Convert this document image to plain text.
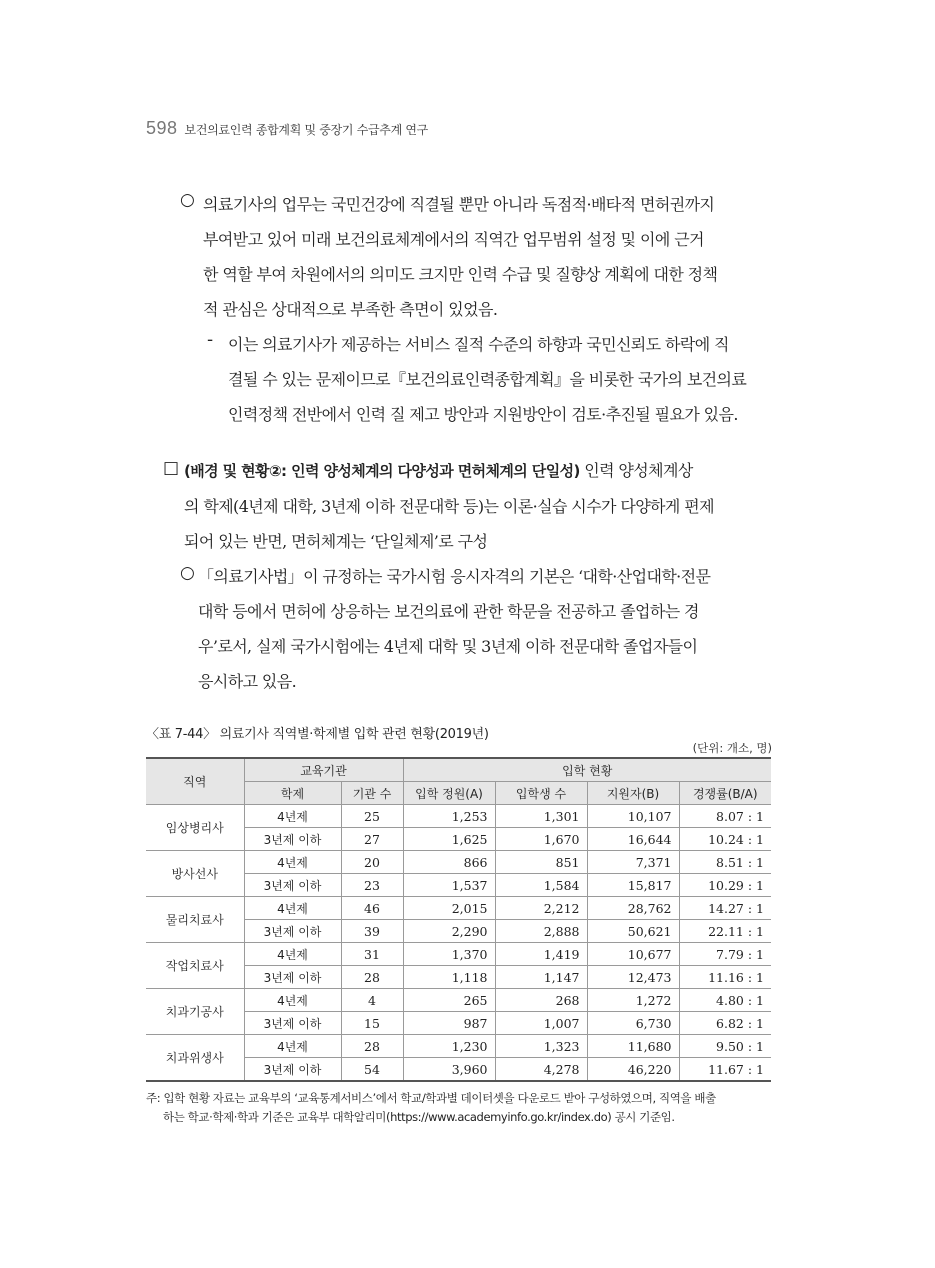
598 보건의료인력 종합계획 및 중장기 수급추계 연구
○ 의료기사의 업무는 국민건강에 직결될 뿐만 아니라 독점적·배타적 면허권까지
부여받고 있어 미래 보건의료체계에서의 직역간 업무범위 설정 및 이에 근거
한 역할 부여 차원에서의 의미도 크지만 인력 수급 및 질향상 계획에 대한 정책
적 관심은 상대적으로 부족한 측면이 있었음.
- 이는 의료기사가 제공하는 서비스 질적 수준의 하향과 국민신뢰도 하락에 직
결될 수 있는 문제이므로『보건의료인력종합계획』을 비롯한 국가의 보건의료
인력정책 전반에서 인력 질 제고 방안과 지원방안이 검토·추진될 필요가 있음.
□ (배경 및 현황②: 인력 양성체계의 다양성과 면허체계의 단일성) 인력 양성체계상
의 학제(4년제 대학, 3년제 이하 전문대학 등)는 이론·실습 시수가 다양하게 편제
되어 있는 반면, 면허체계는 ‘단일체제’로 구성
○ 「의료기사법」이 규정하는 국가시험 응시자격의 기본은 ‘대학·산업대학·전문
대학 등에서 면허에 상응하는 보건의료에 관한 학문을 전공하고 졸업하는 경
우’로서, 실제 국가시험에는 4년제 대학 및 3년제 이하 전문대학 졸업자들이
응시하고 있음.
〈표 7-44〉 의료기사 직역별·학제별 입학 관련 현황(2019년)
(단위: 개소, 명)
직역	교육기관		입학 현황			
	학제	기관 수	입학 정원(A)	입학생 수	지원자(B)	경쟁률(B/A)
임상병리사	4년제	25	1,253	1,301	10,107	8.07 : 1
	3년제 이하	27	1,625	1,670	16,644	10.24 : 1
방사선사	4년제	20	866	851	7,371	8.51 : 1
	3년제 이하	23	1,537	1,584	15,817	10.29 : 1
물리치료사	4년제	46	2,015	2,212	28,762	14.27 : 1
	3년제 이하	39	2,290	2,888	50,621	22.11 : 1
작업치료사	4년제	31	1,370	1,419	10,677	7.79 : 1
	3년제 이하	28	1,118	1,147	12,473	11.16 : 1
치과기공사	4년제	4	265	268	1,272	4.80 : 1
	3년제 이하	15	987	1,007	6,730	6.82 : 1
치과위생사	4년제	28	1,230	1,323	11,680	9.50 : 1
	3년제 이하	54	3,960	4,278	46,220	11.67 : 1
주: 입학 현황 자료는 교육부의 ‘교육통계서비스’에서 학교/학과별 데이터셋을 다운로드 받아 구성하였으며, 직역을 배출
하는 학교·학제·학과 기준은 교육부 대학알리미(https://www.academyinfo.go.kr/index.do) 공시 기준임.
